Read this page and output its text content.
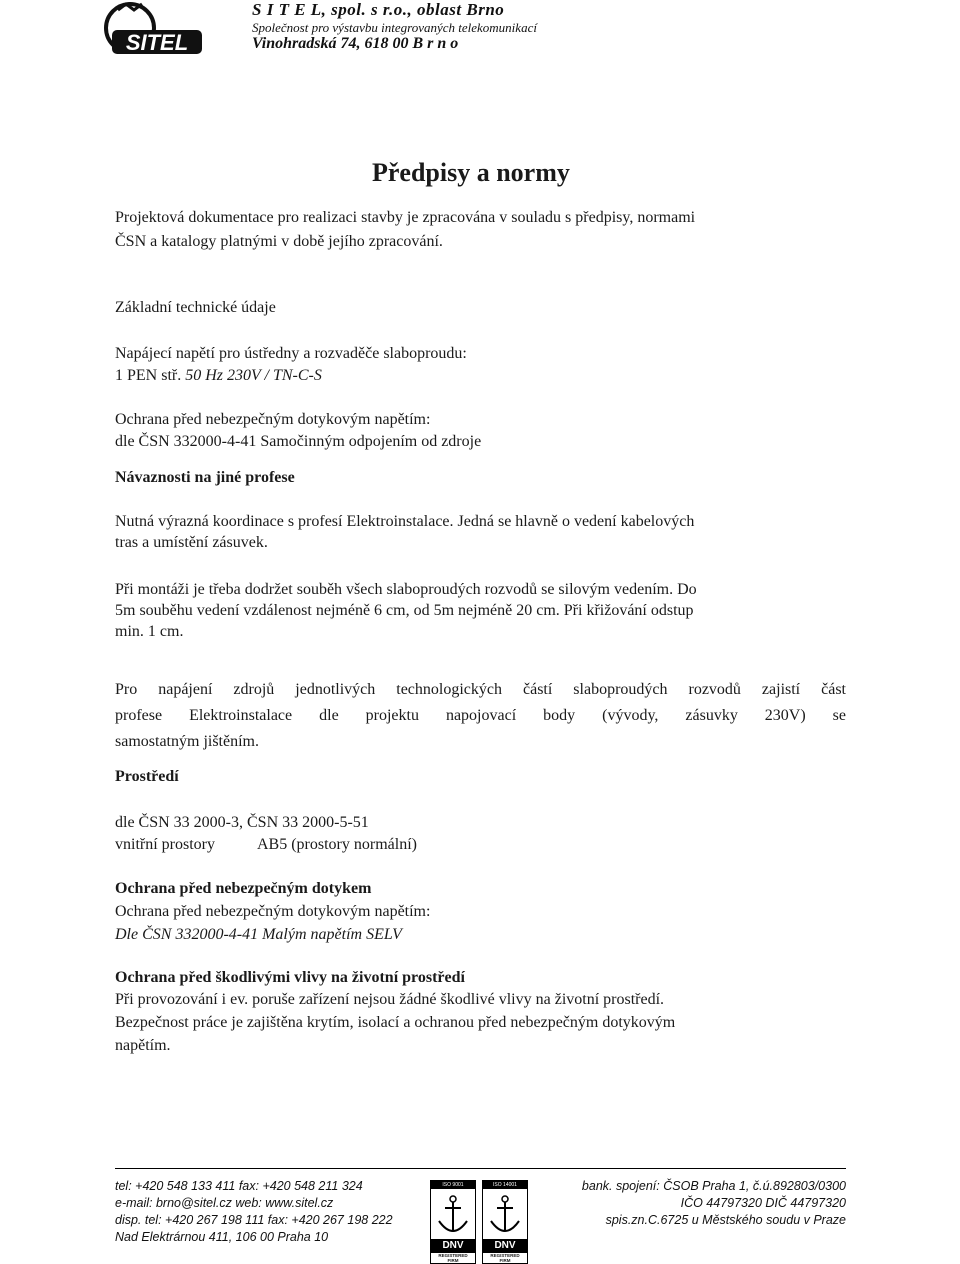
SITEL
S I T E L, spol. s r.o., oblast Brno
Společnost pro výstavbu integrovaných telekomunikací
Vinohradská 74, 618 00 B r n o
Předpisy a normy
Projektová dokumentace pro realizaci stavby je zpracována v souladu s předpisy, normami
ČSN a katalogy platnými v době jejího zpracování.
Základní technické údaje
Napájecí napětí pro ústředny a rozvaděče slaboproudu:
1 PEN stř. 50 Hz 230V / TN-C-S
Ochrana před nebezpečným dotykovým napětím:
dle ČSN 332000-4-41 Samočinným odpojením od zdroje
Návaznosti na jiné profese
Nutná výrazná koordinace s profesí Elektroinstalace. Jedná se hlavně o vedení kabelových
tras a umístění zásuvek.
Při montáži je třeba dodržet souběh všech slaboproudých rozvodů se silovým vedením. Do
5m souběhu vedení vzdálenost nejméně 6 cm, od 5m nejméně 20 cm. Při křižování odstup
min. 1 cm.
Pro napájení zdrojů jednotlivých technologických částí slaboproudých rozvodů zajistí část
profese Elektroinstalace dle projektu napojovací body (vývody, zásuvky 230V) se
samostatným jištěním.
Prostředí
dle ČSN 33 2000-3, ČSN 33 2000-5-51
vnitřní prostory	AB5 (prostory normální)
Ochrana před nebezpečným dotykem
Ochrana před nebezpečným dotykovým napětím:
Dle ČSN 332000-4-41 Malým napětím SELV
Ochrana před škodlivými vlivy na životní prostředí
Při provozování i ev. poruše zařízení nejsou žádné škodlivé vlivy na životní prostředí.
Bezpečnost práce je zajištěna krytím, isolací a ochranou před nebezpečným dotykovým
napětím.
tel: +420 548 133 411 fax: +420 548 211 324
e-mail: brno@sitel.cz web: www.sitel.cz
disp. tel: +420 267 198 111 fax: +420 267 198 222
Nad Elektrárnou 411, 106 00 Praha 10
bank. spojení: ČSOB Praha 1, č.ú.892803/0300
IČO 44797320 DIČ 44797320
spis.zn.C.6725 u Městského soudu v Praze
ISO 9001
DNV
REGISTERED
FIRM
ISO 14001
DNV
REGISTERED
FIRM
